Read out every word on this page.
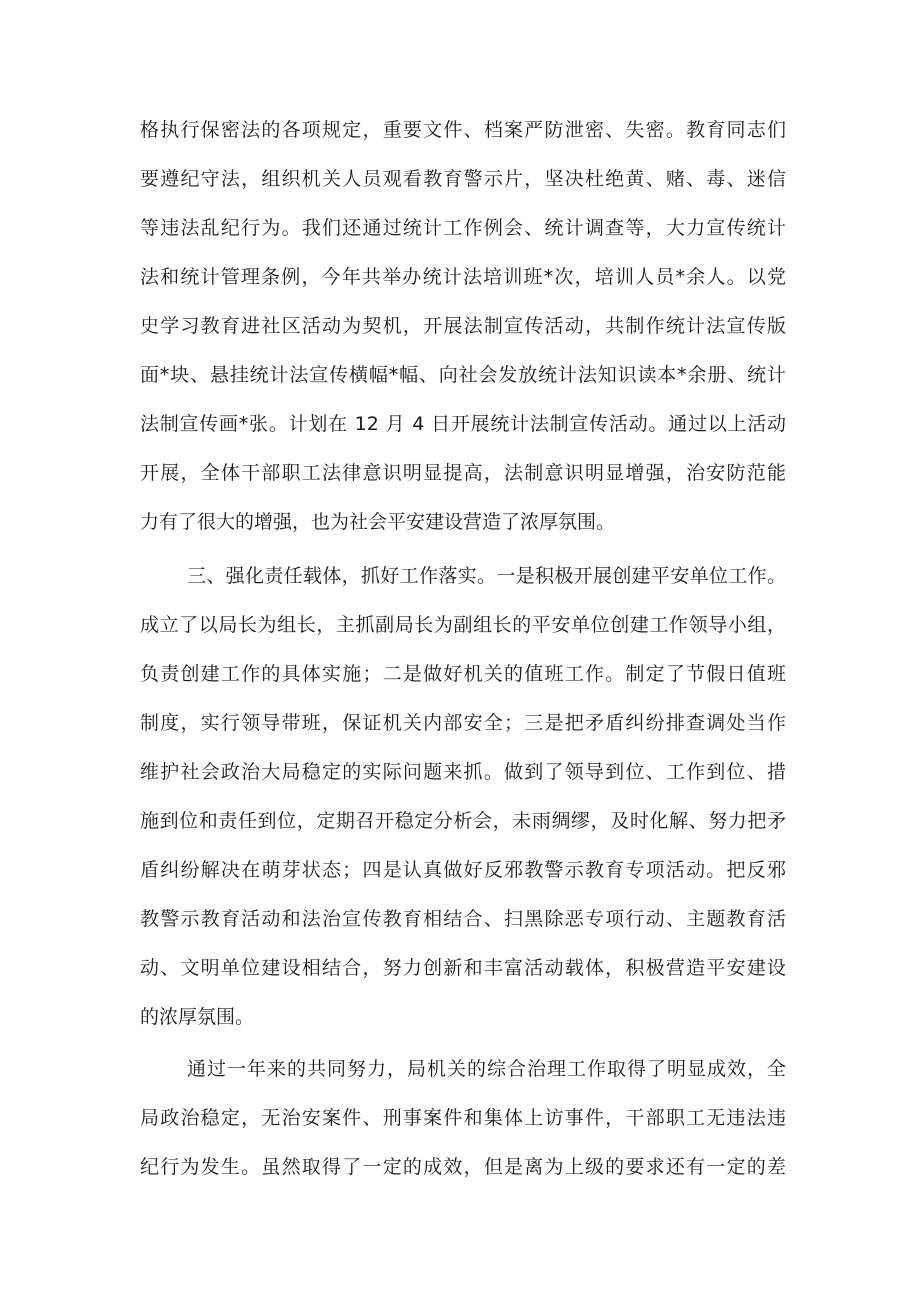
格执行保密法的各项规定，重要文件、档案严防泄密、失密。教育同志们
要遵纪守法，组织机关人员观看教育警示片，坚决杜绝黄、赌、毒、迷信
等违法乱纪行为。我们还通过统计工作例会、统计调查等，大力宣传统计
法和统计管理条例，今年共举办统计法培训班*次，培训人员*余人。以党
史学习教育进社区活动为契机，开展法制宣传活动，共制作统计法宣传版
面*块、悬挂统计法宣传横幅*幅、向社会发放统计法知识读本*余册、统计
法制宣传画*张。计划在 12 月 4 日开展统计法制宣传活动。通过以上活动
开展，全体干部职工法律意识明显提高，法制意识明显增强，治安防范能
力有了很大的增强，也为社会平安建设营造了浓厚氛围。
三、强化责任载体，抓好工作落实。一是积极开展创建平安单位工作。
成立了以局长为组长，主抓副局长为副组长的平安单位创建工作领导小组，
负责创建工作的具体实施；二是做好机关的值班工作。制定了节假日值班
制度，实行领导带班，保证机关内部安全；三是把矛盾纠纷排查调处当作
维护社会政治大局稳定的实际问题来抓。做到了领导到位、工作到位、措
施到位和责任到位，定期召开稳定分析会，未雨绸缪，及时化解、努力把矛
盾纠纷解决在萌芽状态；四是认真做好反邪教警示教育专项活动。把反邪
教警示教育活动和法治宣传教育相结合、扫黑除恶专项行动、主题教育活
动、文明单位建设相结合，努力创新和丰富活动载体，积极营造平安建设
的浓厚氛围。
通过一年来的共同努力，局机关的综合治理工作取得了明显成效，全
局政治稳定，无治安案件、刑事案件和集体上访事件，干部职工无违法违
纪行为发生。虽然取得了一定的成效，但是离为上级的要求还有一定的差
